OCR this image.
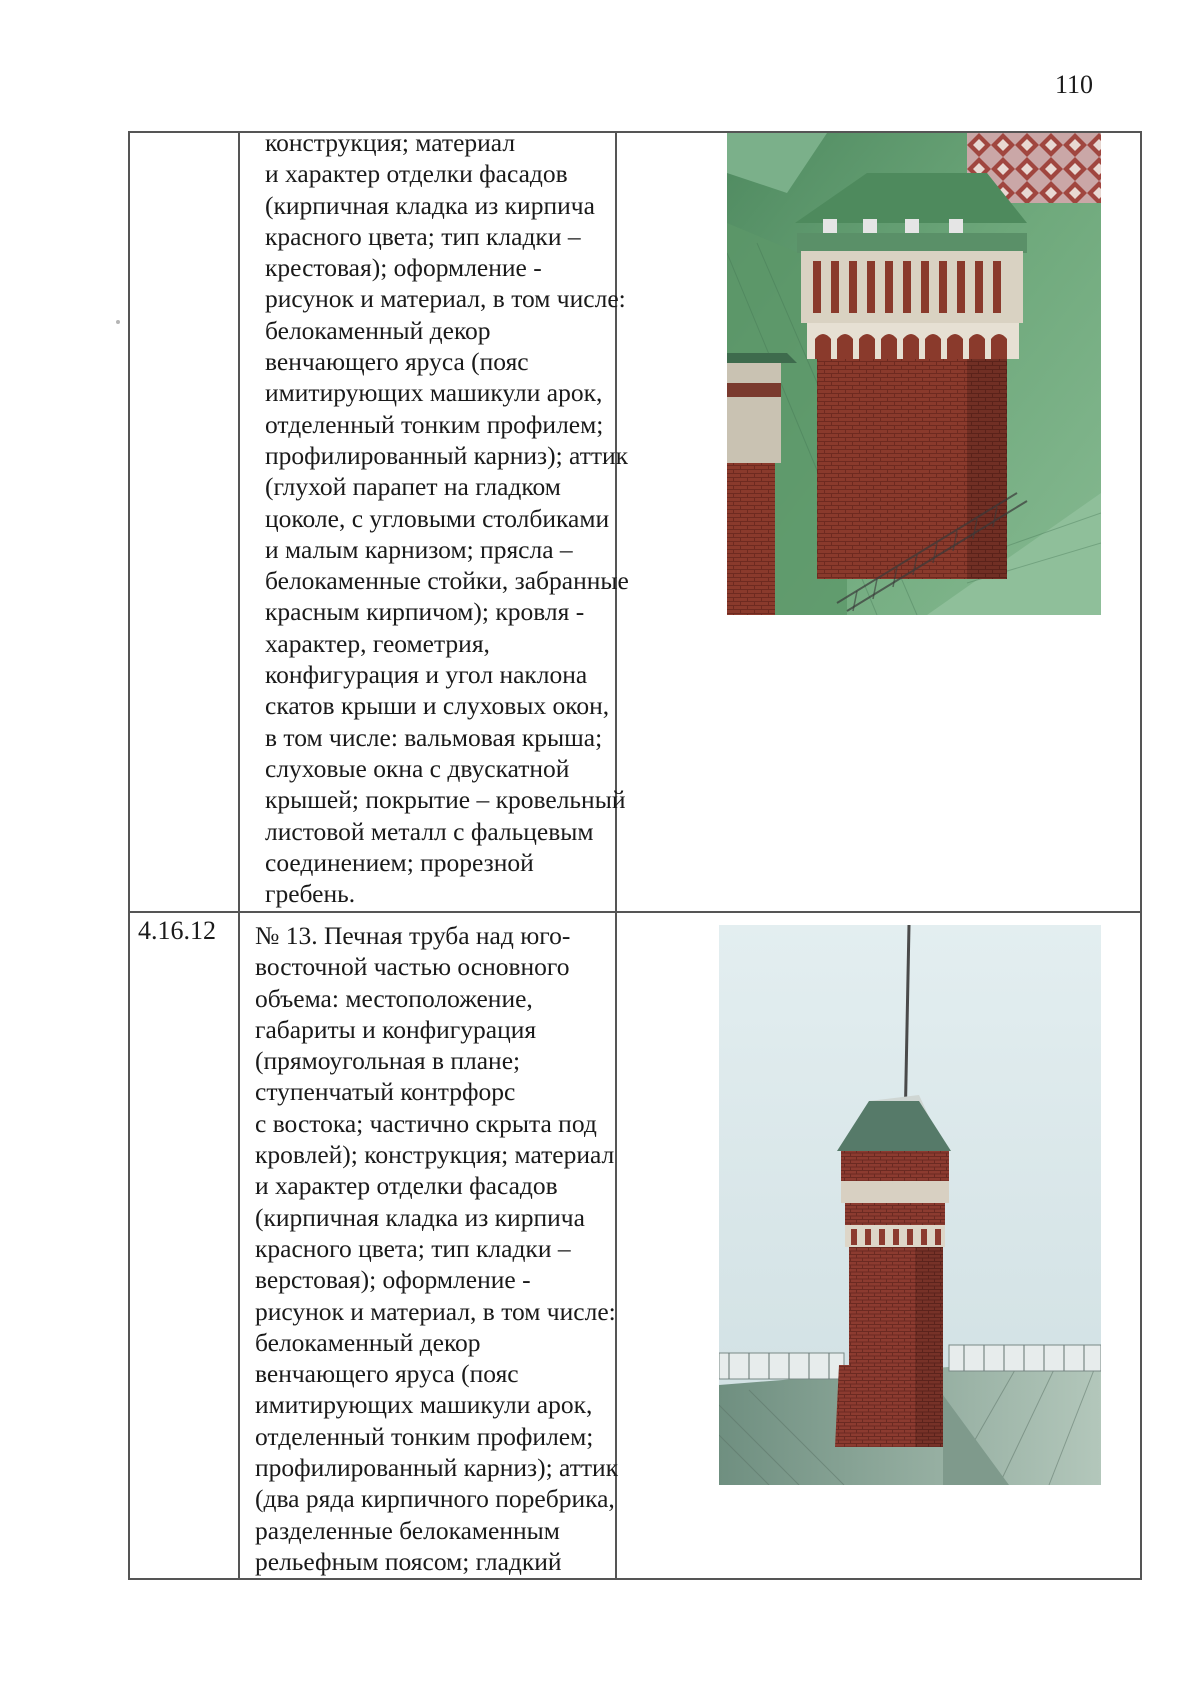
110
конструкция; материал
и характер отделки фасадов
(кирпичная кладка из кирпича
красного цвета; тип кладки –
крестовая); оформление -
рисунок и материал, в том числе:
белокаменный декор
венчающего яруса (пояс
имитирующих машикули арок,
отделенный тонким профилем;
профилированный карниз); аттик
(глухой парапет на гладком
цоколе, с угловыми столбиками
и малым карнизом; прясла –
белокаменные стойки, забранные
красным кирпичом); кровля -
характер, геометрия,
конфигурация и угол наклона
скатов крыши и слуховых окон,
в том числе: вальмовая крыша;
слуховые окна с двускатной
крышей; покрытие – кровельный
листовой металл с фальцевым
соединением; прорезной
гребень.
4.16.12 № 13. Печная труба над юго-
восточной частью основного
объема: местоположение,
габариты и конфигурация
(прямоугольная в плане;
ступенчатый контрфорс
с востока; частично скрыта под
кровлей); конструкция; материал
и характер отделки фасадов
(кирпичная кладка из кирпича
красного цвета; тип кладки –
верстовая); оформление -
рисунок и материал, в том числе:
белокаменный декор
венчающего яруса (пояс
имитирующих машикули арок,
отделенный тонким профилем;
профилированный карниз); аттик
(два ряда кирпичного поребрика,
разделенные белокаменным
рельефным поясом; гладкий
